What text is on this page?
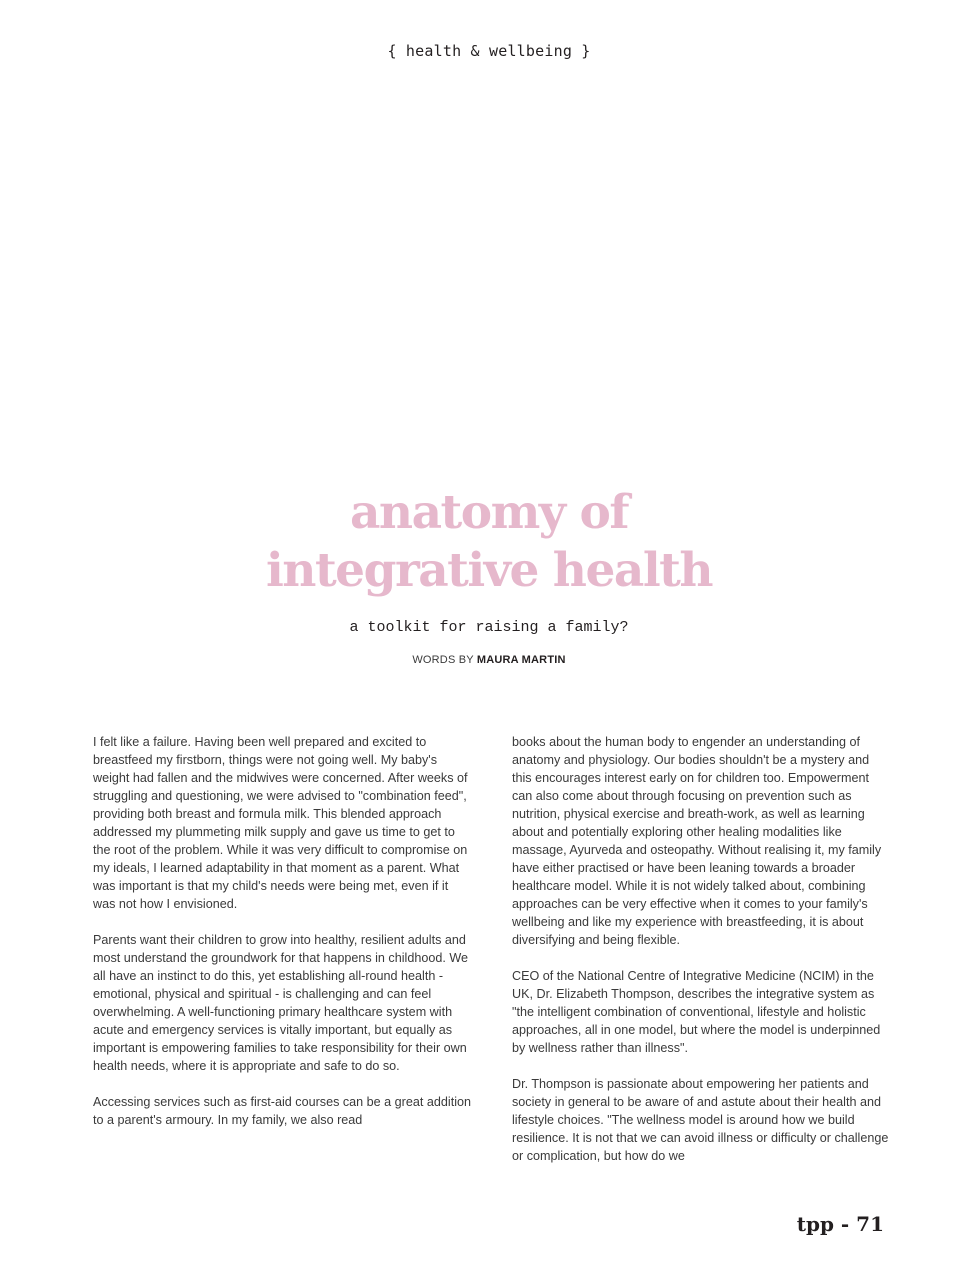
{ health & wellbeing }
anatomy of
integrative health
a toolkit for raising a family?
WORDS BY MAURA MARTIN

I felt like a failure. Having been well prepared and excited to breastfeed my firstborn, things were not going well. My baby's weight had fallen and the midwives were concerned. After weeks of struggling and questioning, we were advised to "combination feed", providing both breast and formula milk. This blended approach addressed my plummeting milk supply and gave us time to get to the root of the problem. While it was very difficult to compromise on my ideals, I learned adaptability in that moment as a parent. What was important is that my child's needs were being met, even if it was not how I envisioned.

Parents want their children to grow into healthy, resilient adults and most understand the groundwork for that happens in childhood. We all have an instinct to do this, yet establishing all-round health - emotional, physical and spiritual - is challenging and can feel overwhelming. A well-functioning primary healthcare system with acute and emergency services is vitally important, but equally as important is empowering families to take responsibility for their own health needs, where it is appropriate and safe to do so.

Accessing services such as first-aid courses can be a great addition to a parent's armoury. In my family, we also read

books about the human body to engender an understanding of anatomy and physiology. Our bodies shouldn't be a mystery and this encourages interest early on for children too. Empowerment can also come about through focusing on prevention such as nutrition, physical exercise and breath-work, as well as learning about and potentially exploring other healing modalities like massage, Ayurveda and osteopathy. Without realising it, my family have either practised or have been leaning towards a broader healthcare model. While it is not widely talked about, combining approaches can be very effective when it comes to your family's wellbeing and like my experience with breastfeeding, it is about diversifying and being flexible.

CEO of the National Centre of Integrative Medicine (NCIM) in the UK, Dr. Elizabeth Thompson, describes the integrative system as "the intelligent combination of conventional, lifestyle and holistic approaches, all in one model, but where the model is underpinned by wellness rather than illness".

Dr. Thompson is passionate about empowering her patients and society in general to be aware of and astute about their health and lifestyle choices. "The wellness model is around how we build resilience. It is not that we can avoid illness or difficulty or challenge or complication, but how do we

tpp - 71
